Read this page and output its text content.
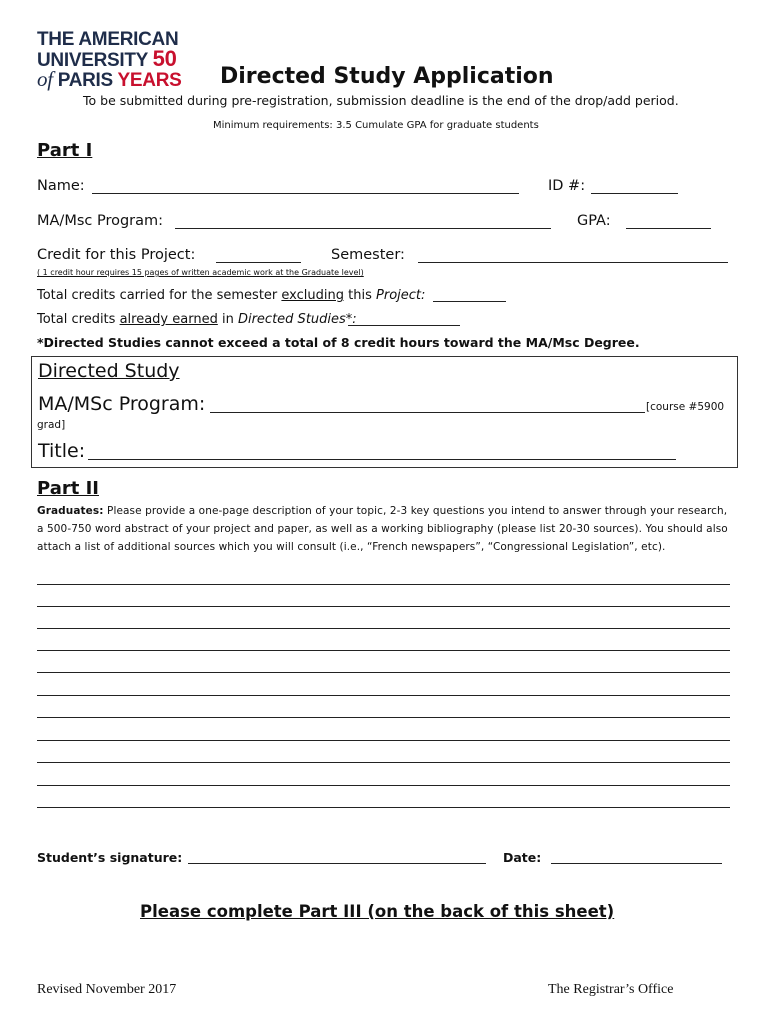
THE AMERICAN
UNIVERSITY 50
of PARIS YEARS Directed Study Application
To be submitted during pre-registration, submission deadline is the end of the drop/add period.
Minimum requirements: 3.5 Cumulate GPA for graduate students
Part I
Name:	ID #:
MA/Msc Program:	GPA:
Credit for this Project:	Semester:
( 1 credit hour requires 15 pages of written academic work at the Graduate level)
Total credits carried for the semester excluding this Project:
Total credits already earned in Directed Studies*:
*Directed Studies cannot exceed a total of 8 credit hours toward the MA/Msc Degree.
Directed Study
MA/MSc Program:	[course #5900
grad]
Title:
Part II
Graduates: Please provide a one-page description of your topic, 2-3 key questions you intend to answer through your research, a 500-750 word abstract of your project and paper, as well as a working bibliography (please list 20-30 sources). You should also attach a list of additional sources which you will consult (i.e., “French newspapers”, “Congressional Legislation”, etc).
Student’s signature:	Date:
Please complete Part III (on the back of this sheet)
Revised November 2017	The Registrar’s Office
